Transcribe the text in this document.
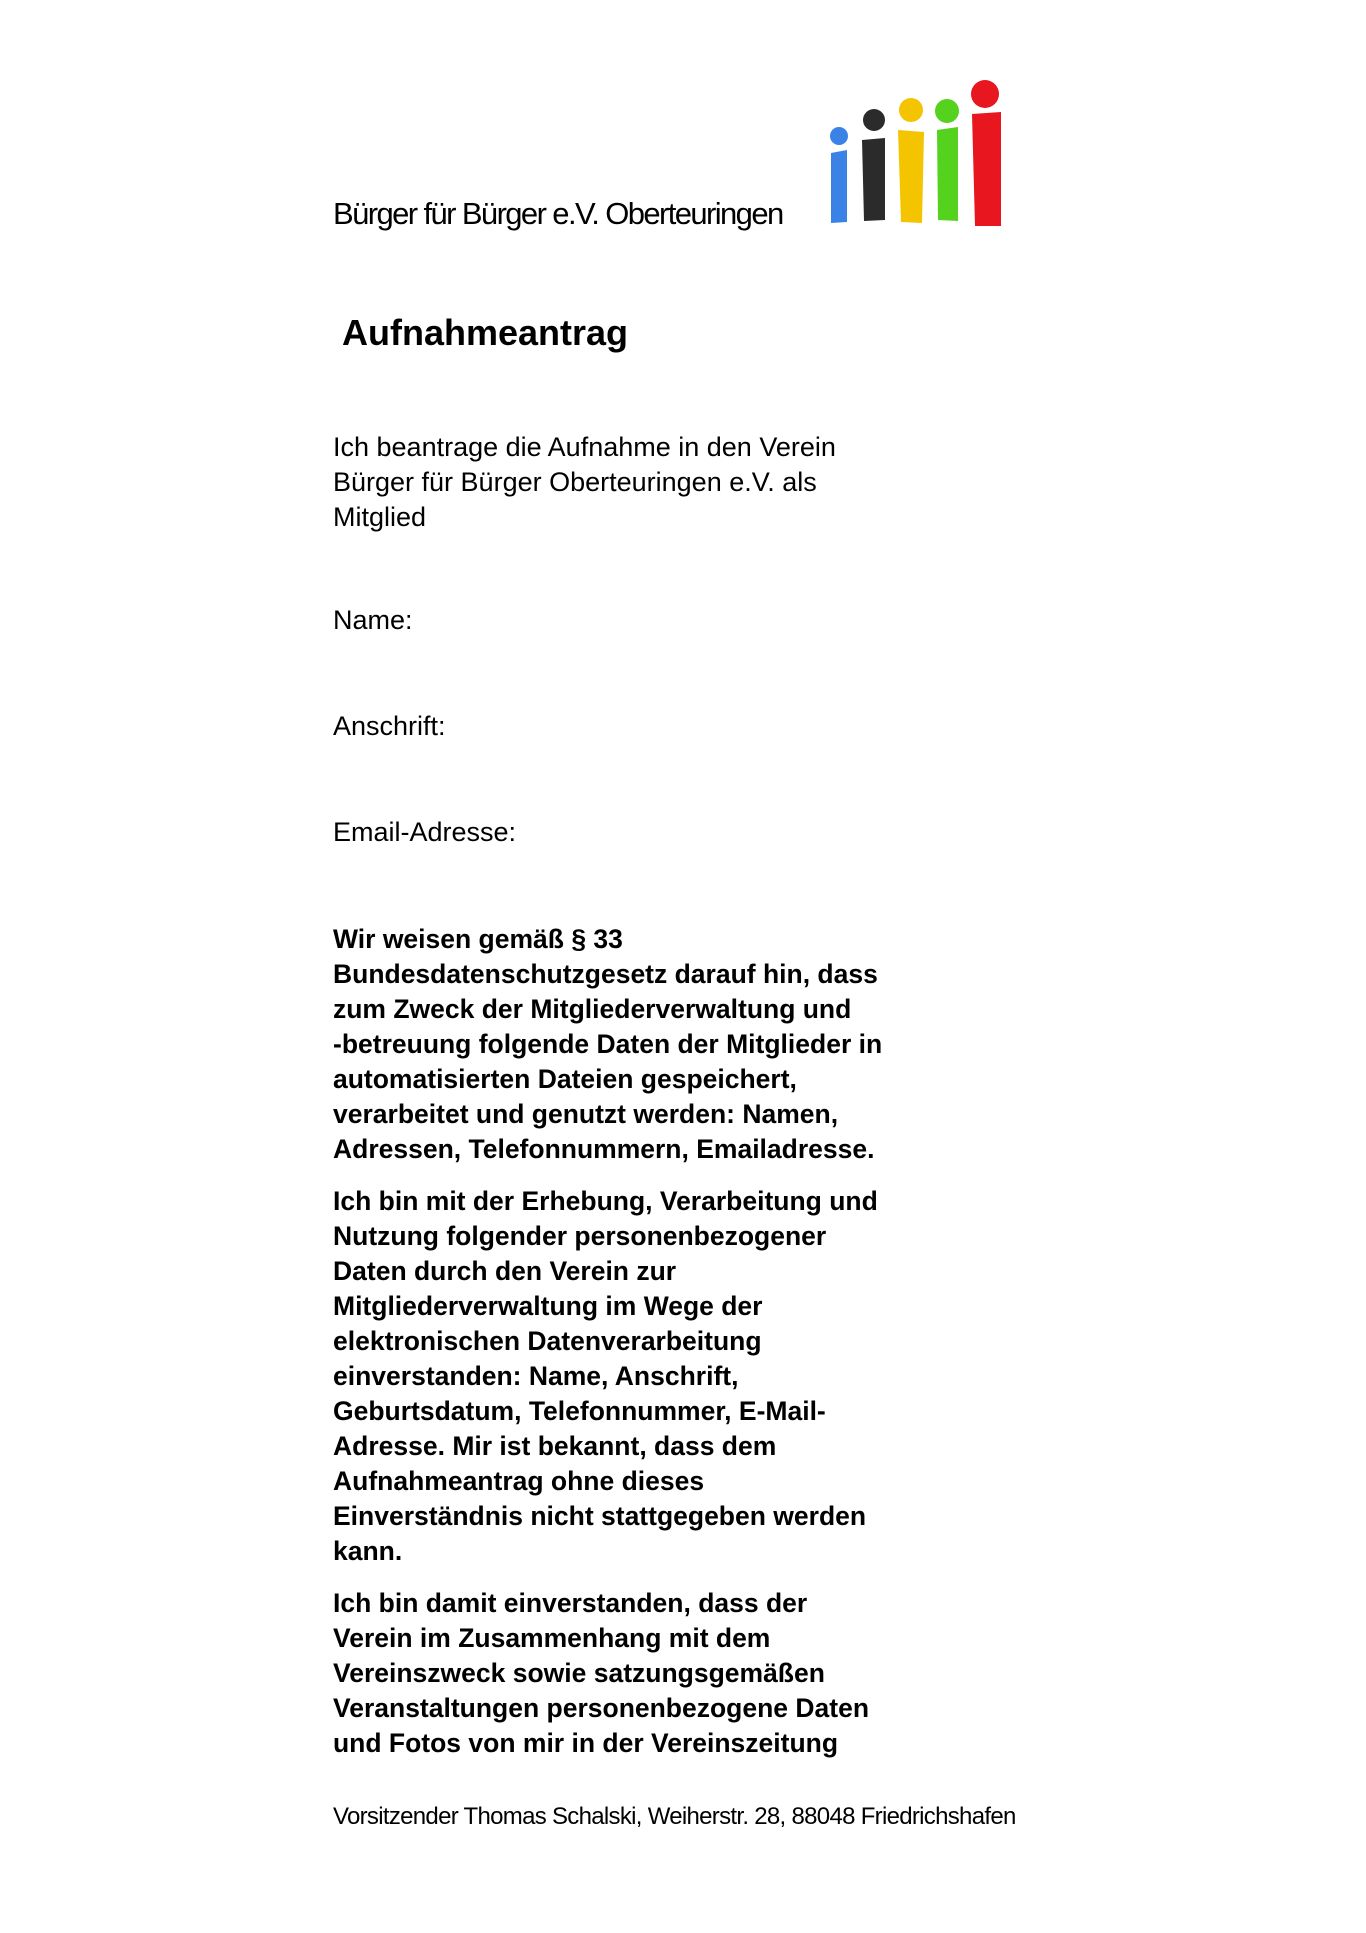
Bürger für Bürger e.V. Oberteuringen
Aufnahmeantrag
Ich beantrage die Aufnahme in den Verein
Bürger für Bürger Oberteuringen e.V. als
Mitglied
Name:
Anschrift:
Email-Adresse:
Wir weisen gemäß § 33
Bundesdatenschutzgesetz darauf hin, dass
zum Zweck der Mitgliederverwaltung und
-betreuung folgende Daten der Mitglieder in
automatisierten Dateien gespeichert,
verarbeitet und genutzt werden: Namen,
Adressen, Telefonnummern, Emailadresse.
Ich bin mit der Erhebung, Verarbeitung und
Nutzung folgender personenbezogener
Daten durch den Verein zur
Mitgliederverwaltung im Wege der
elektronischen Datenverarbeitung
einverstanden: Name, Anschrift,
Geburtsdatum, Telefonnummer, E-Mail-
Adresse. Mir ist bekannt, dass dem
Aufnahmeantrag ohne dieses
Einverständnis nicht stattgegeben werden
kann.
Ich bin damit einverstanden, dass der
Verein im Zusammenhang mit dem
Vereinszweck sowie satzungsgemäßen
Veranstaltungen personenbezogene Daten
und Fotos von mir in der Vereinszeitung
Vorsitzender Thomas Schalski, Weiherstr. 28, 88048 Friedrichshafen
